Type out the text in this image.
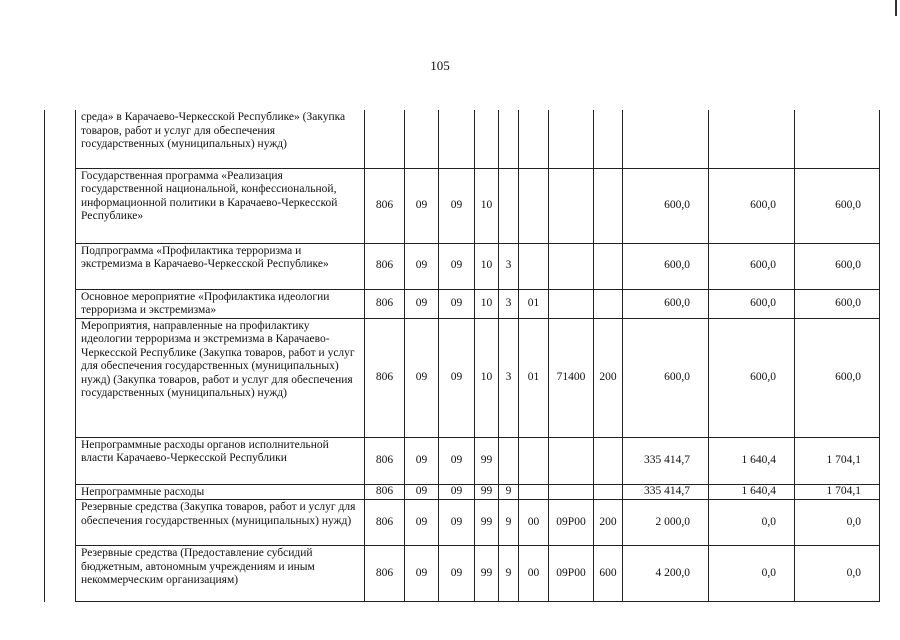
105
	среда» в Карачаево-Черкесской Республике» (Закупка товаров, работ и услуг для обеспечения государственных (муниципальных) нужд)											
	Государственная программа «Реализация государственной национальной, конфессиональной, информационной политики в Карачаево-Черкесской Республике»	806	09	09	10					600,0	600,0	600,0
	Подпрограмма «Профилактика терроризма и экстремизма в Карачаево-Черкесской Республике»	806	09	09	10	3				600,0	600,0	600,0
	Основное мероприятие «Профилактика идеологии терроризма и экстремизма»	806	09	09	10	3	01			600,0	600,0	600,0
	Мероприятия, направленные на профилактику идеологии терроризма и экстремизма в Карачаево-Черкесской Республике (Закупка товаров, работ и услуг для обеспечения государственных (муниципальных) нужд) (Закупка товаров, работ и услуг для обеспечения государственных (муниципальных) нужд)	806	09	09	10	3	01	71400	200	600,0	600,0	600,0
	Непрограммные расходы органов исполнительной власти Карачаево-Черкесской Республики	806	09	09	99					335 414,7	1 640,4	1 704,1
	Непрограммные расходы	806	09	09	99	9				335 414,7	1 640,4	1 704,1
	Резервные средства (Закупка товаров, работ и услуг для обеспечения государственных (муниципальных) нужд)	806	09	09	99	9	00	09Р00	200	2 000,0	0,0	0,0
	Резервные средства (Предоставление субсидий бюджетным, автономным учреждениям и иным некоммерческим организациям)	806	09	09	99	9	00	09Р00	600	4 200,0	0,0	0,0
